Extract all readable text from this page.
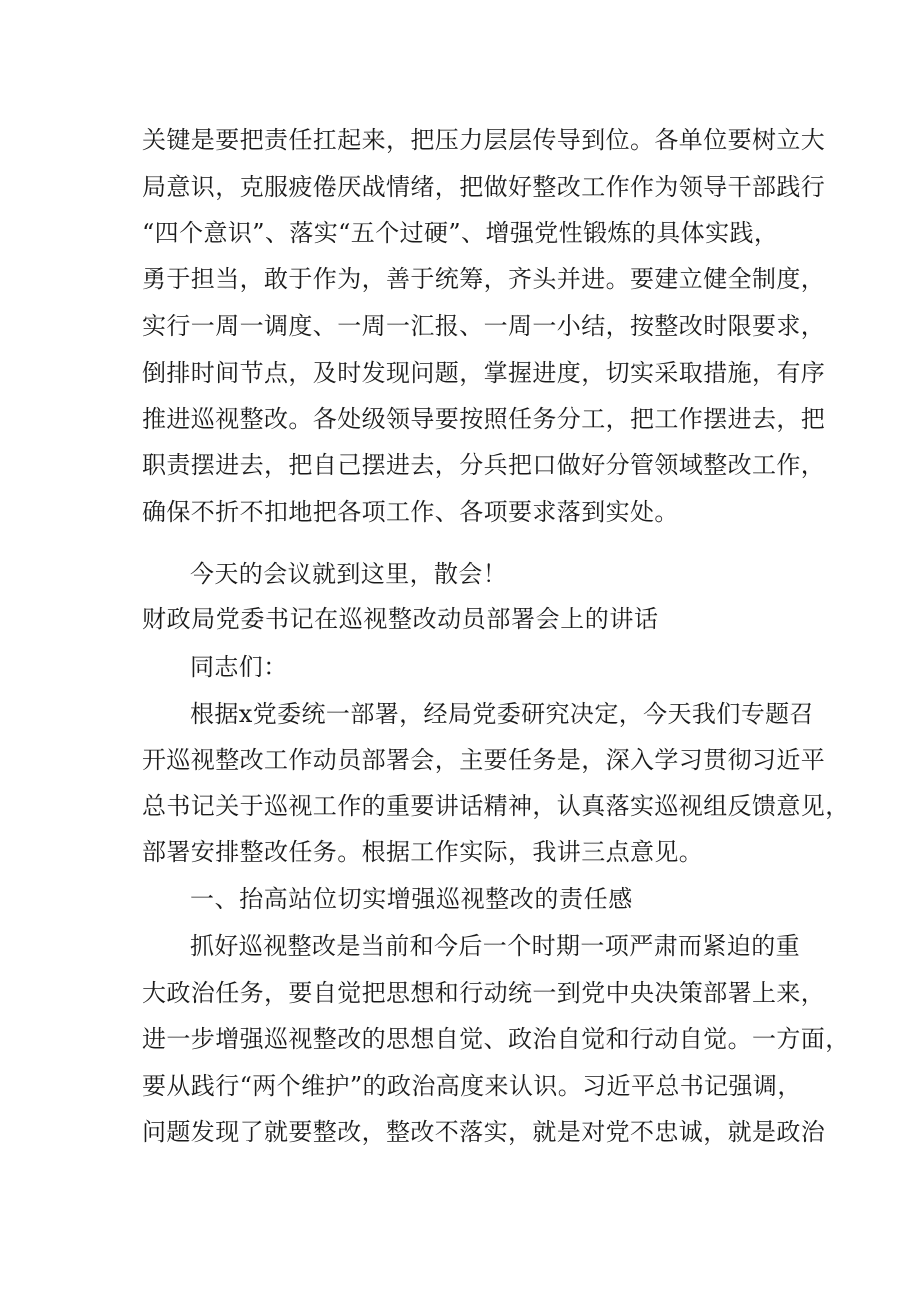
关键是要把责任扛起来，把压力层层传导到位。各单位要树立大
局意识，克服疲倦厌战情绪，把做好整改工作作为领导干部践行
“四个意识”、落实“五个过硬”、增强党性锻炼的具体实践，
勇于担当，敢于作为，善于统筹，齐头并进。要建立健全制度，
实行一周一调度、一周一汇报、一周一小结，按整改时限要求，
倒排时间节点，及时发现问题，掌握进度，切实采取措施，有序
推进巡视整改。各处级领导要按照任务分工，把工作摆进去，把
职责摆进去，把自己摆进去，分兵把口做好分管领域整改工作，
确保不折不扣地把各项工作、各项要求落到实处。
今天的会议就到这里，散会！
财政局党委书记在巡视整改动员部署会上的讲话
同志们：
根据x党委统一部署，经局党委研究决定，今天我们专题召
开巡视整改工作动员部署会，主要任务是，深入学习贯彻习近平
总书记关于巡视工作的重要讲话精神，认真落实巡视组反馈意见，
部署安排整改任务。根据工作实际，我讲三点意见。
一、抬高站位切实增强巡视整改的责任感
抓好巡视整改是当前和今后一个时期一项严肃而紧迫的重
大政治任务，要自觉把思想和行动统一到党中央决策部署上来，
进一步增强巡视整改的思想自觉、政治自觉和行动自觉。一方面，
要从践行“两个维护”的政治高度来认识。习近平总书记强调，
问题发现了就要整改，整改不落实，就是对党不忠诚，就是政治
